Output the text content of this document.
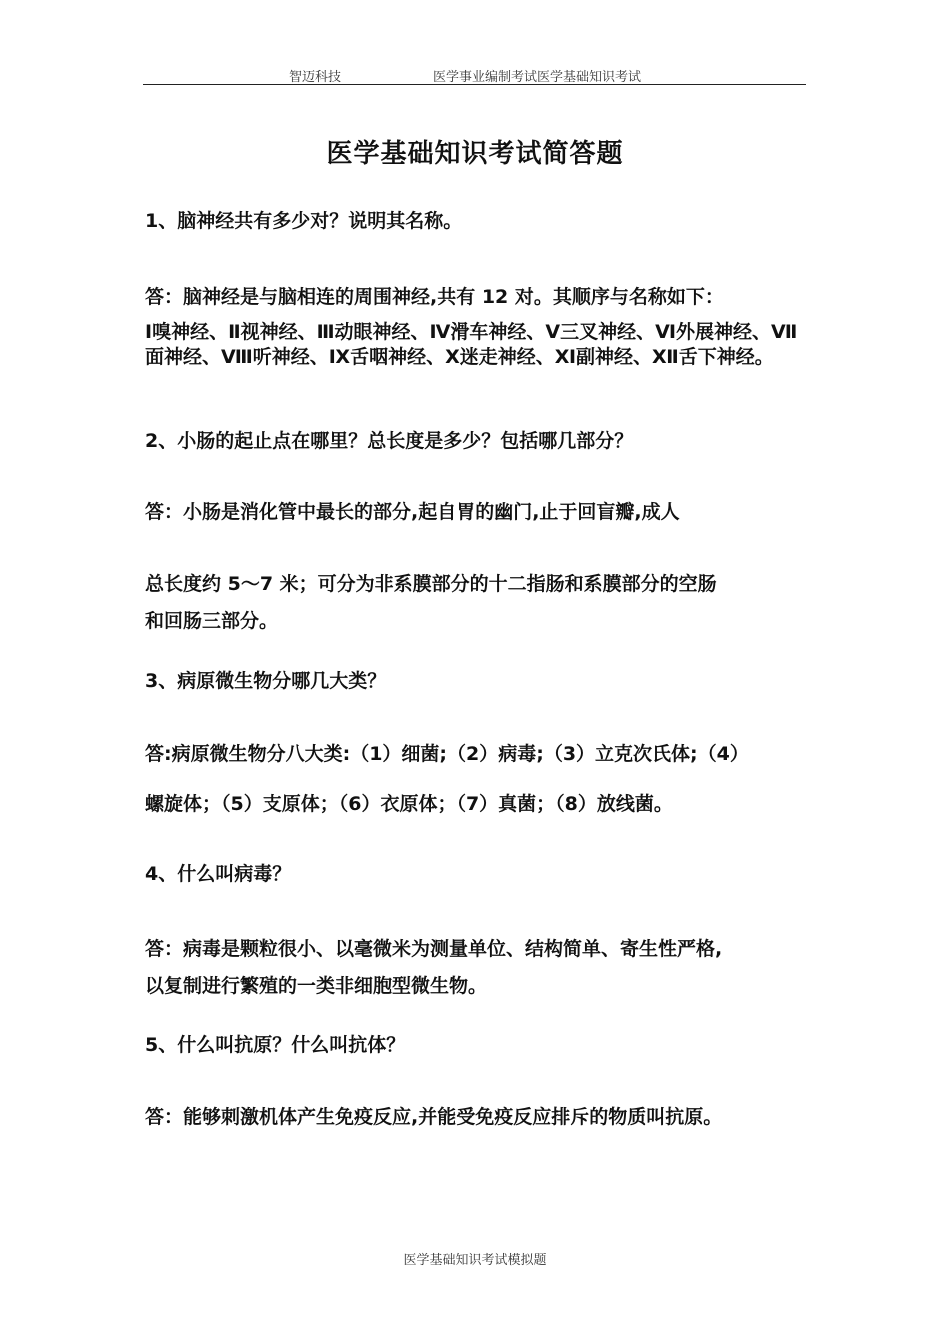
智迈科技	医学事业编制考试医学基础知识考试
医学基础知识考试简答题
1、脑神经共有多少对？说明其名称。
答：脑神经是与脑相连的周围神经,共有 12 对。其顺序与名称如下：
Ⅰ嗅神经、Ⅱ视神经、Ⅲ动眼神经、Ⅳ滑车神经、Ⅴ三叉神经、Ⅵ外展神经、Ⅶ面神经、Ⅷ听神经、Ⅸ舌咽神经、Ⅹ迷走神经、Ⅺ副神经、Ⅻ舌下神经。
2、小肠的起止点在哪里？总长度是多少？包括哪几部分？
答：小肠是消化管中最长的部分,起自胃的幽门,止于回盲瓣,成人
总长度约 5～7 米；可分为非系膜部分的十二指肠和系膜部分的空肠
和回肠三部分。
3、病原微生物分哪几大类？
答:病原微生物分八大类:（1）细菌;（2）病毒;（3）立克次氏体;（4）
螺旋体；（5）支原体；（6）衣原体；（7）真菌；（8）放线菌。
4、什么叫病毒？
答：病毒是颗粒很小、以毫微米为测量单位、结构简单、寄生性严格,
以复制进行繁殖的一类非细胞型微生物。
5、什么叫抗原？什么叫抗体？
答：能够刺激机体产生免疫反应,并能受免疫反应排斥的物质叫抗原。
医学基础知识考试模拟题
